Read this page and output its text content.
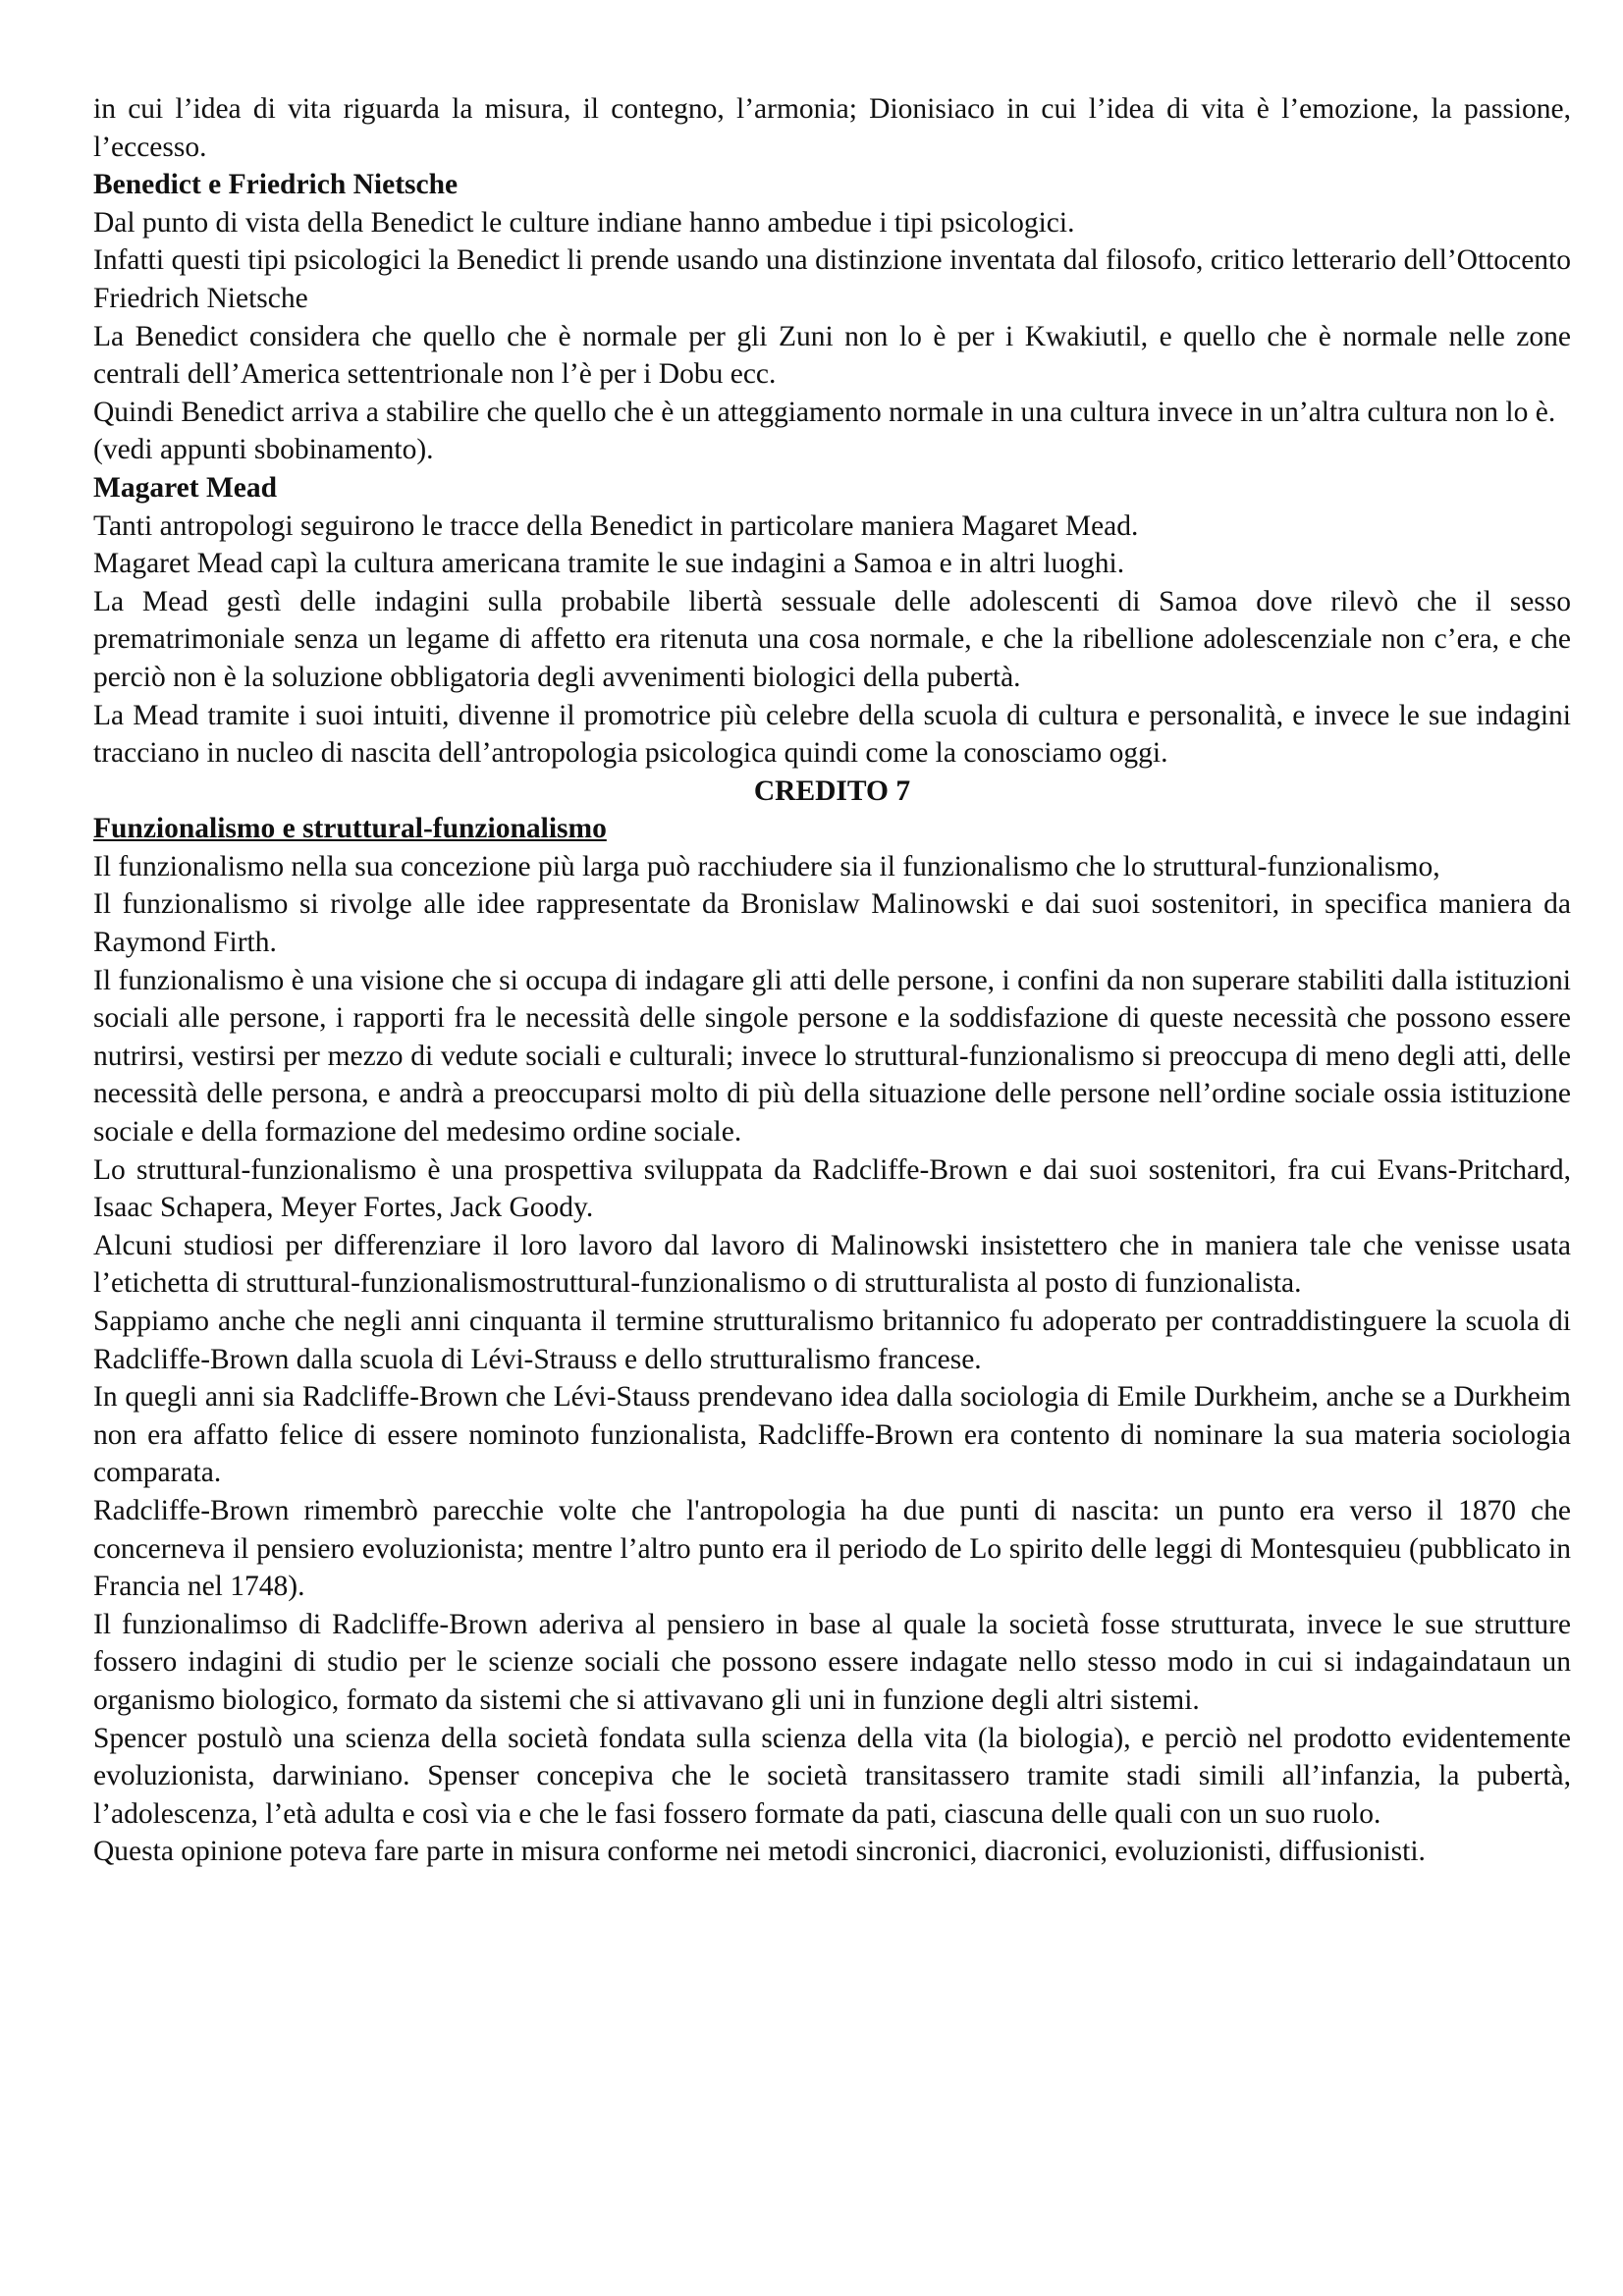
in cui l’idea di vita riguarda la misura, il contegno, l’armonia; Dionisiaco in cui l’idea di vita è l’emozione, la passione, l’eccesso.

Benedict e Friedrich Nietsche

Dal punto di vista della Benedict le culture indiane hanno ambedue i tipi psicologici.

Infatti questi tipi psicologici la Benedict li prende usando una distinzione inventata dal filosofo, critico letterario dell’Ottocento Friedrich Nietsche

La Benedict considera che quello che è normale per gli Zuni non lo è per i Kwakiutil, e quello che è normale nelle zone centrali dell’America settentrionale non l’è per i Dobu ecc.

Quindi Benedict arriva a stabilire che quello che è un atteggiamento normale in una cultura invece in un’altra cultura non lo è.

(vedi appunti sbobinamento).

Magaret Mead

Tanti antropologi seguirono le tracce della Benedict in particolare maniera Magaret Mead.

Magaret Mead capì la cultura americana tramite le sue indagini a Samoa e in altri luoghi.

La Mead gestì delle indagini sulla probabile libertà sessuale delle adolescenti di Samoa dove rilevò che il sesso prematrimoniale senza un legame di affetto era ritenuta una cosa normale, e che la ribellione adolescenziale non c’era, e che perciò non è la soluzione obbligatoria degli avvenimenti biologici della pubertà.

La Mead tramite i suoi intuiti, divenne il promotrice più celebre della scuola di cultura e personalità, e invece le sue indagini tracciano in nucleo di nascita dell’antropologia psicologica quindi come la conosciamo oggi.

CREDITO 7

Funzionalismo e struttural-funzionalismo

Il funzionalismo nella sua concezione più larga può racchiudere sia il funzionalismo che lo struttural-funzionalismo,

Il funzionalismo si rivolge alle idee rappresentate da Bronislaw Malinowski e dai suoi sostenitori, in specifica maniera da Raymond Firth.

Il funzionalismo è una visione che si occupa di indagare gli atti delle persone, i confini da non superare stabiliti dalla istituzioni sociali alle persone, i rapporti fra le necessità delle singole persone e la soddisfazione di queste necessità che possono essere nutrirsi, vestirsi per mezzo di vedute sociali e culturali; invece lo struttural-funzionalismo si preoccupa di meno degli atti, delle necessità delle persona, e andrà a preoccuparsi molto di più della situazione delle persone nell’ordine sociale ossia istituzione sociale e della formazione del medesimo ordine sociale.

Lo struttural-funzionalismo è una prospettiva sviluppata da Radcliffe-Brown e dai suoi sostenitori, fra cui Evans-Pritchard, Isaac Schapera, Meyer Fortes, Jack Goody.

Alcuni studiosi per differenziare il loro lavoro dal lavoro di Malinowski insistettero che in maniera tale che venisse usata l’etichetta di struttural-funzionalismostruttural-funzionalismo o di strutturalista al posto di funzionalista.

Sappiamo anche che negli anni cinquanta il termine strutturalismo britannico fu adoperato per contraddistinguere la scuola di Radcliffe-Brown dalla scuola di Lévi-Strauss e dello strutturalismo francese.

In quegli anni sia Radcliffe-Brown che Lévi-Stauss prendevano idea dalla sociologia di Emile Durkheim, anche se a Durkheim non era affatto felice di essere nominoto funzionalista, Radcliffe-Brown era contento di nominare la sua materia sociologia comparata.

Radcliffe-Brown rimembrò parecchie volte che l'antropologia ha due punti di nascita: un punto era verso il 1870 che concerneva il pensiero evoluzionista; mentre l’altro punto era il periodo de Lo spirito delle leggi di Montesquieu (pubblicato in Francia nel 1748).

Il funzionalimso di Radcliffe-Brown aderiva al pensiero in base al quale la società fosse strutturata, invece le sue strutture fossero indagini di studio per le scienze sociali che possono essere indagate nello stesso modo in cui si indagaindataun un organismo biologico, formato da sistemi che si attivavano gli uni in funzione degli altri sistemi.

Spencer postulò una scienza della società fondata sulla scienza della vita (la biologia), e perciò nel prodotto evidentemente evoluzionista, darwiniano. Spenser concepiva che le società transitassero tramite stadi simili all’infanzia, la pubertà, l’adolescenza, l’età adulta e così via e che le fasi fossero formate da pati, ciascuna delle quali con un suo ruolo.

Questa opinione poteva fare parte in misura conforme nei metodi sincronici, diacronici, evoluzionisti, diffusionisti.
